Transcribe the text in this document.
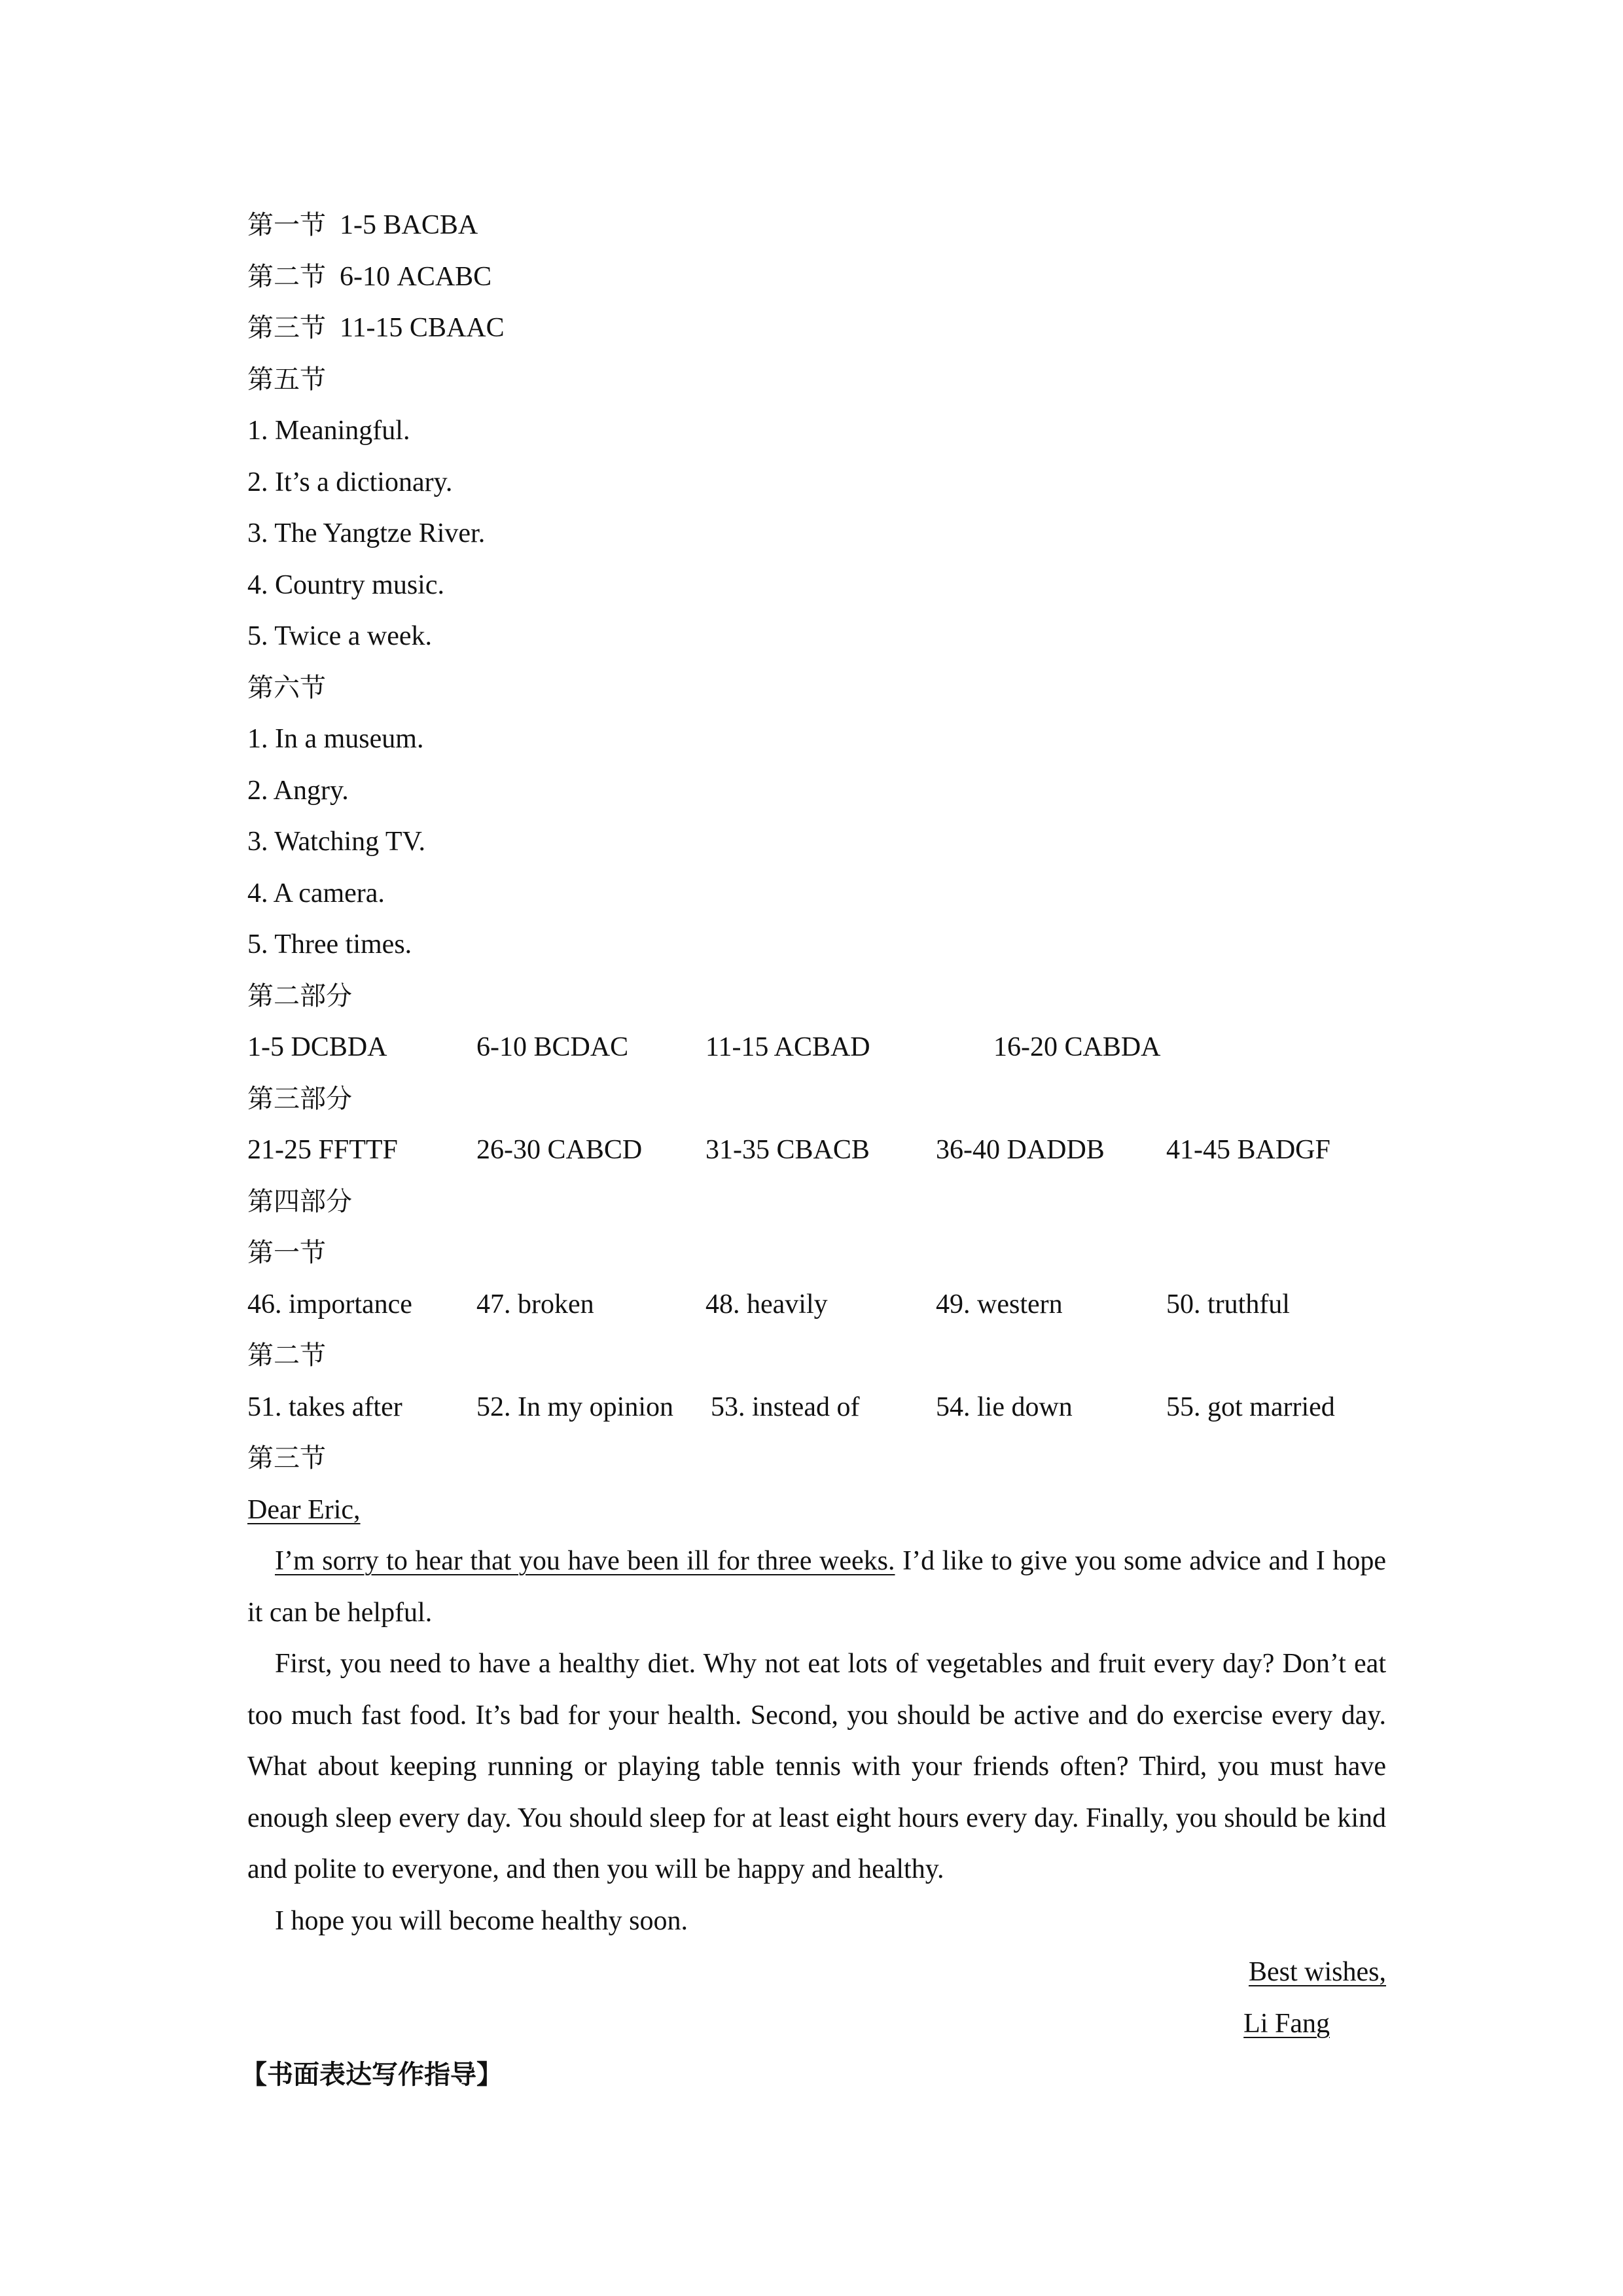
第一节 1-5 BACBA
第二节 6-10 ACABC
第三节 11-15 CBAAC
第五节
1. Meaningful.
2. It’s a dictionary.
3. The Yangtze River.
4. Country music.
5. Twice a week.
第六节
1. In a museum.
2. Angry.
3. Watching TV.
4. A camera.
5. Three times.
第二部分
1-5 DCBDA	6-10 BCDAC	11-15 ACBAD	16-20 CABDA
第三部分
21-25 FFTTF	26-30 CABCD 31-35 CBACB 36-40 DADDB 41-45 BADGF
第四部分
第一节
46. importance 47. broken	48. heavily	49. western	50. truthful
第二节
51. takes after	52. In my opinion 53. instead of	54. lie down	55. got married
第三节
Dear Eric,

I’m sorry to hear that you have been ill for three weeks. I’d like to give you some advice and I hope it can be helpful.

First, you need to have a healthy diet. Why not eat lots of vegetables and fruit every day? Don’t eat too much fast food. It’s bad for your health. Second, you should be active and do exercise every day. What about keeping running or playing table tennis with your friends often? Third, you must have enough sleep every day. You should sleep for at least eight hours every day. Finally, you should be kind and polite to everyone, and then you will be happy and healthy.

I hope you will become healthy soon.

Best wishes,
Li Fang
【书面表达写作指导】
